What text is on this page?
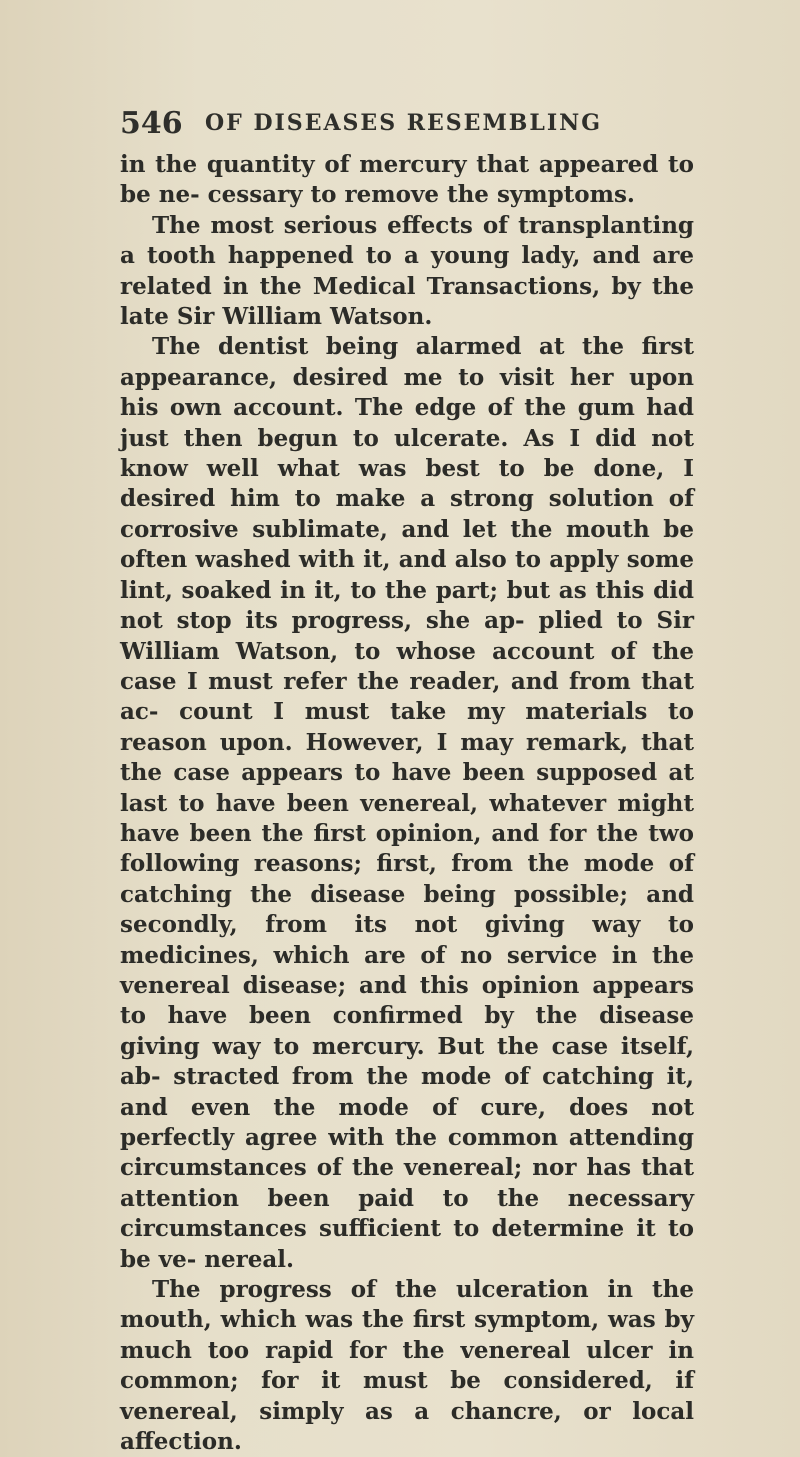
546 OF DISEASES RESEMBLING

in the quantity of mercury that appeared to be ne- cessary to remove the symptoms.

The most serious effects of transplanting a tooth happened to a young lady, and are related in the Medical Transactions, by the late Sir William Watson.

The dentist being alarmed at the first appearance, desired me to visit her upon his own account. The edge of the gum had just then begun to ulcerate. As I did not know well what was best to be done, I desired him to make a strong solution of corrosive sublimate, and let the mouth be often washed with it, and also to apply some lint, soaked in it, to the part; but as this did not stop its progress, she ap- plied to Sir William Watson, to whose account of the case I must refer the reader, and from that ac- count I must take my materials to reason upon. However, I may remark, that the case appears to have been supposed at last to have been venereal, whatever might have been the first opinion, and for the two following reasons; first, from the mode of catching the disease being possible; and secondly, from its not giving way to medicines, which are of no service in the venereal disease; and this opinion appears to have been confirmed by the disease giving way to mercury. But the case itself, ab- stracted from the mode of catching it, and even the mode of cure, does not perfectly agree with the common attending circumstances of the venereal; nor has that attention been paid to the necessary circumstances sufficient to determine it to be ve- nereal.

The progress of the ulceration in the mouth, which was the first symptom, was by much too rapid for the venereal ulcer in common; for it must be considered, if venereal, simply as a chancre, or local affection.
